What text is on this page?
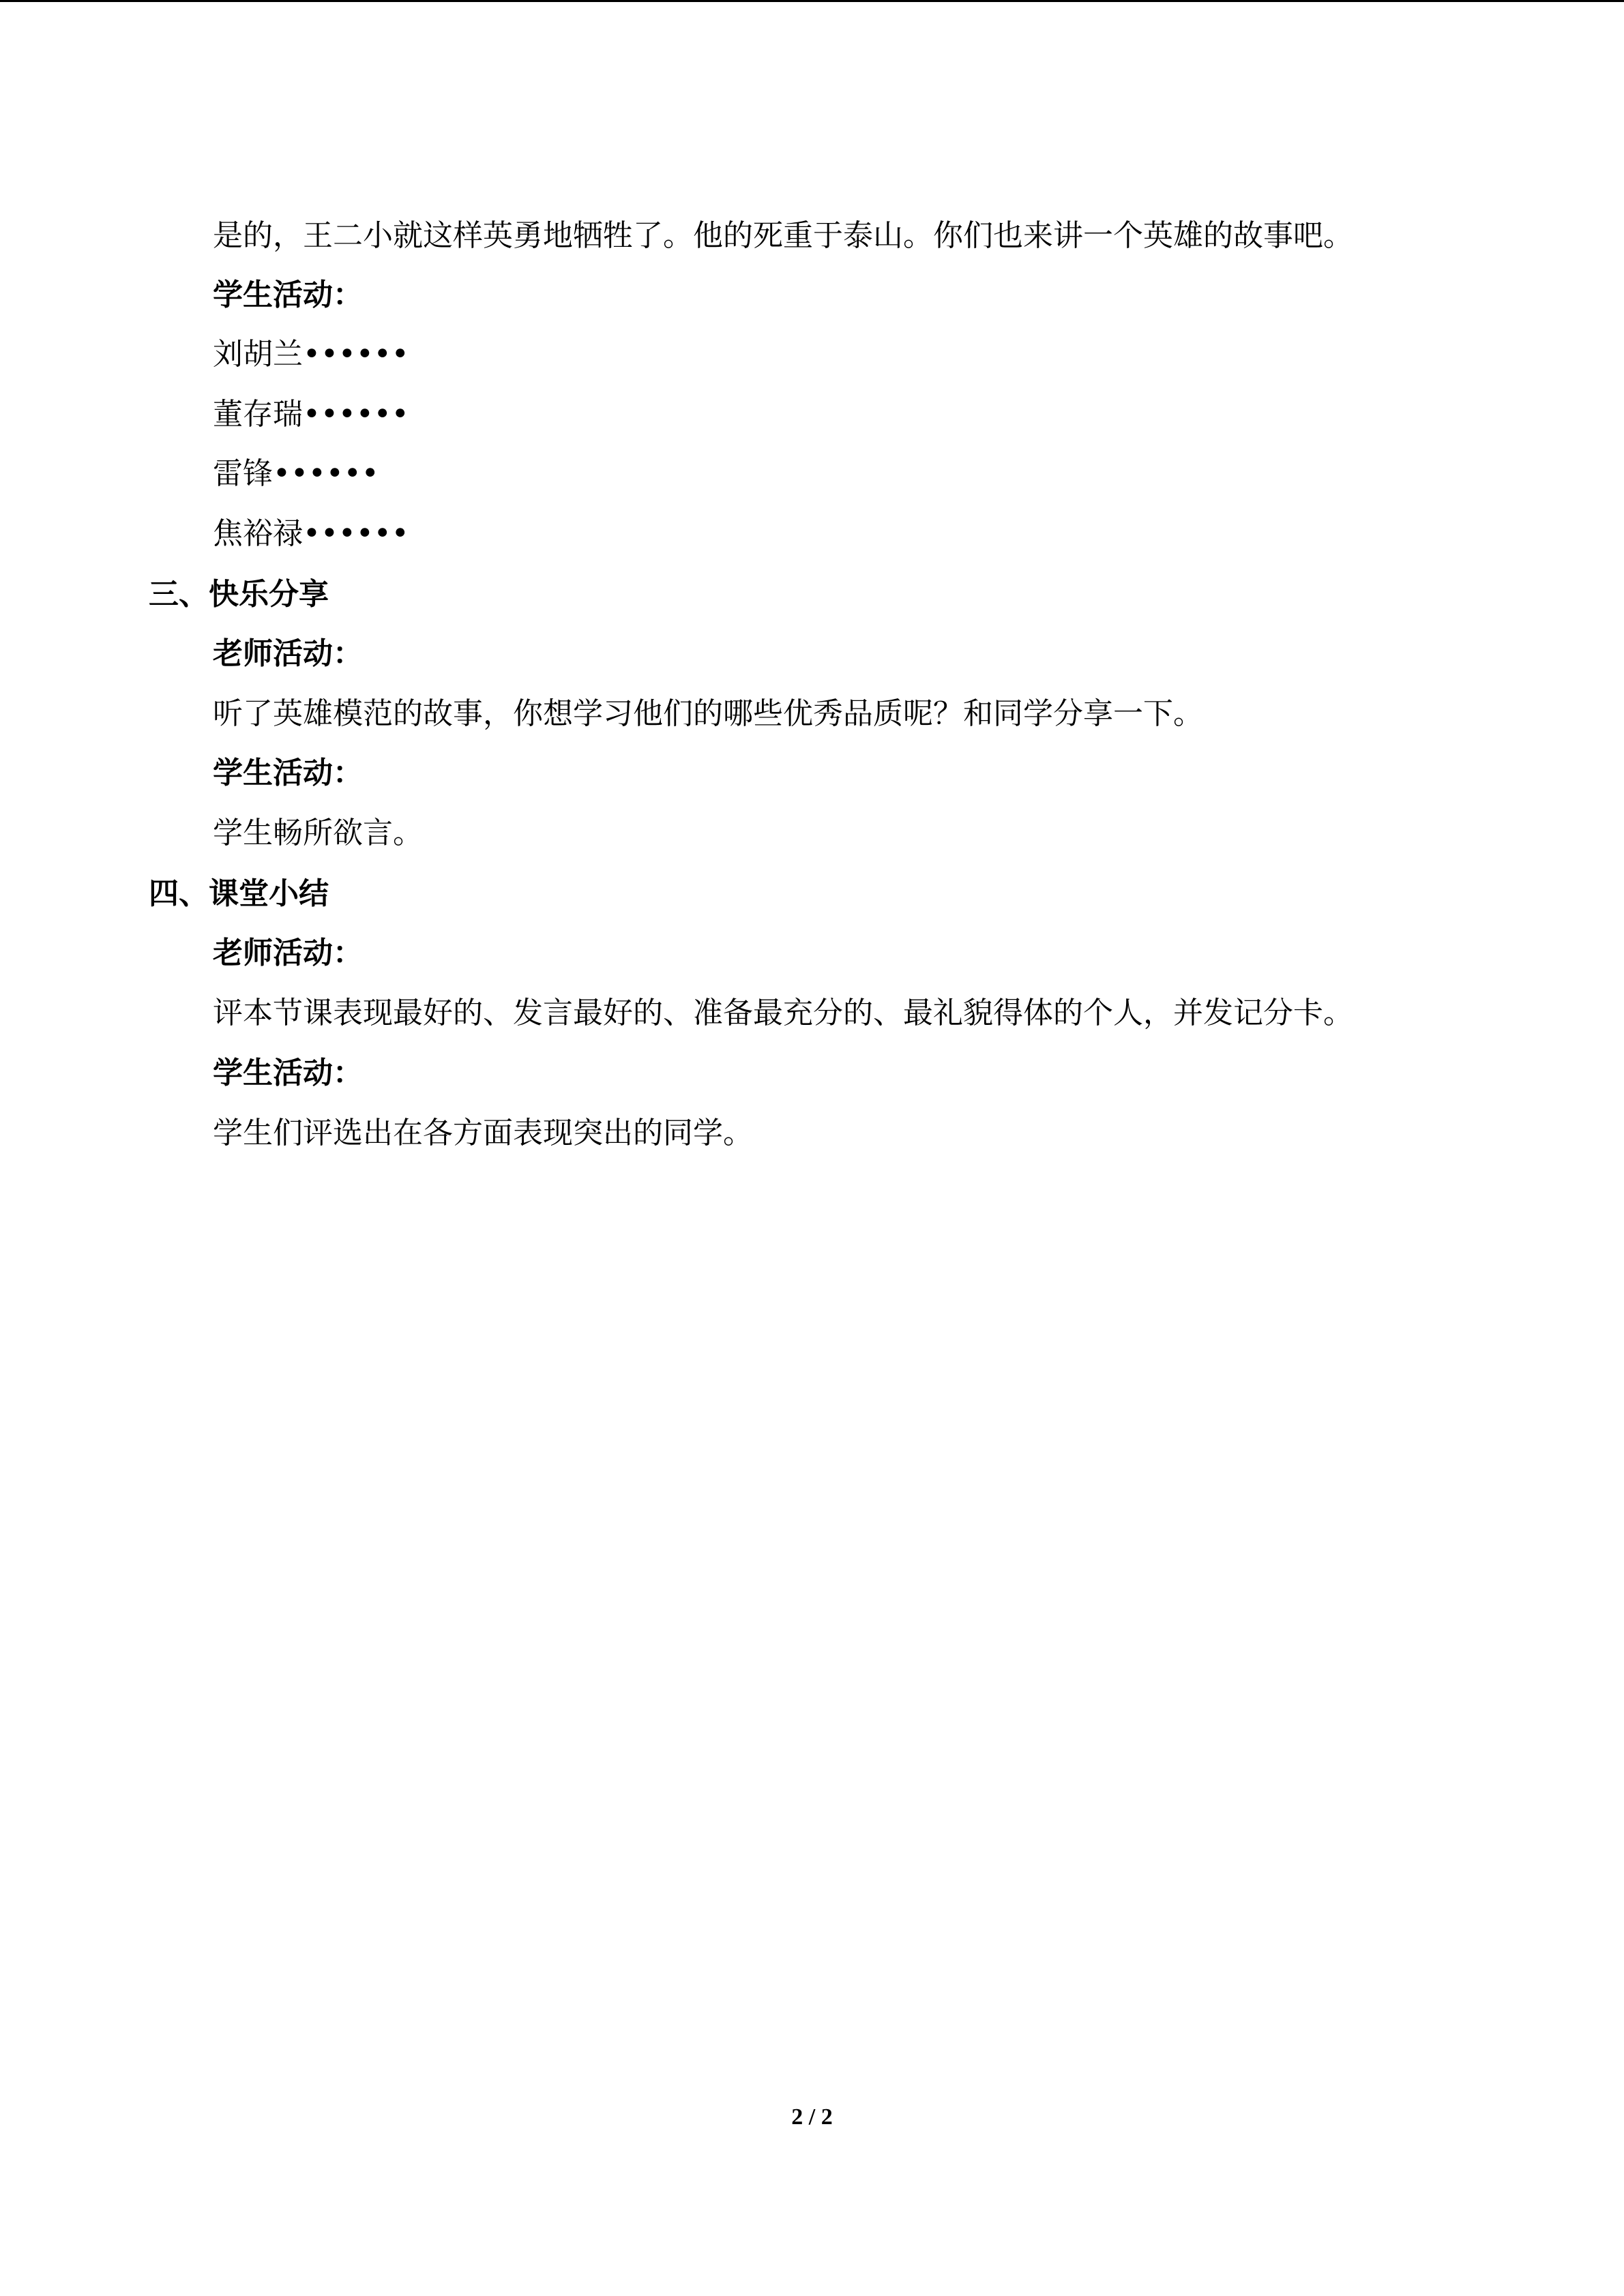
是的，王二小就这样英勇地牺牲了。他的死重于泰山。你们也来讲一个英雄的故事吧。
学生活动：
刘胡兰••••••
董存瑞••••••
雷锋••••••
焦裕禄••••••
三、快乐分享
老师活动：
听了英雄模范的故事，你想学习他们的哪些优秀品质呢？和同学分享一下。
学生活动：
学生畅所欲言。
四、课堂小结
老师活动：
评本节课表现最好的、发言最好的、准备最充分的、最礼貌得体的个人，并发记分卡。
学生活动：
学生们评选出在各方面表现突出的同学。
2 / 2
